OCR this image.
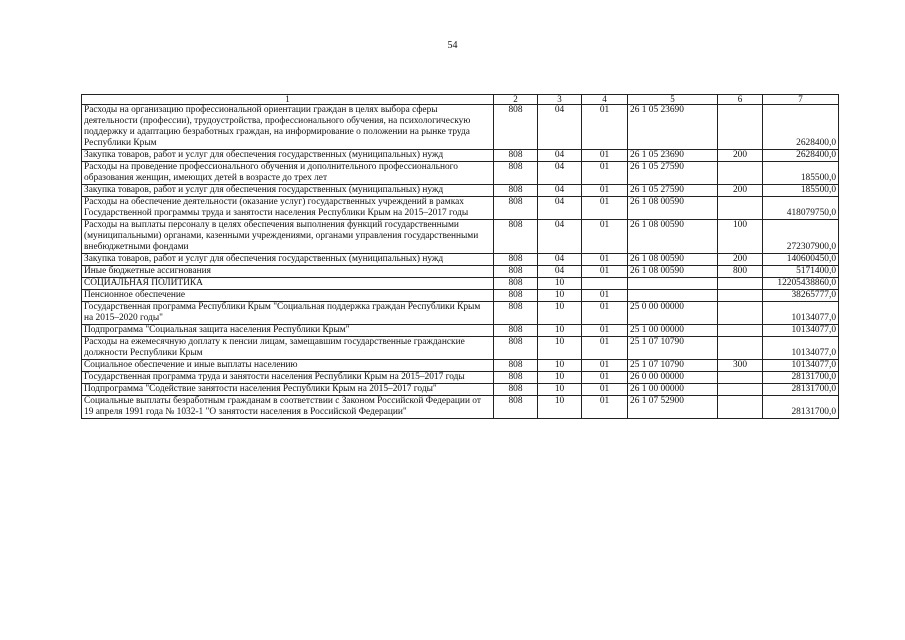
54
1	2	3	4	5	6	7
Расходы на организацию профессиональной ориентации граждан в целях выбора сферы деятельности (профессии), трудоустройства, профессионального обучения, на психологическую поддержку и адаптацию безработных граждан, на информирование о положении на рынке труда Республики Крым	808	04	01	26 1 05 23690		2628400,0
Закупка товаров, работ и услуг для обеспечения государственных (муниципальных) нужд	808	04	01	26 1 05 23690	200	2628400,0
Расходы на проведение профессионального обучения и дополнительного профессионального образования женщин, имеющих детей в возрасте до трех лет	808	04	01	26 1 05 27590		185500,0
Закупка товаров, работ и услуг для обеспечения государственных (муниципальных) нужд	808	04	01	26 1 05 27590	200	185500,0
Расходы на обеспечение деятельности (оказание услуг) государственных учреждений в рамках Государственной программы труда и занятости населения Республики Крым на 2015–2017 годы	808	04	01	26 1 08 00590		418079750,0
Расходы на выплаты персоналу в целях обеспечения выполнения функций государственными (муниципальными) органами, казенными учреждениями, органами управления государственными внебюджетными фондами	808	04	01	26 1 08 00590	100	272307900,0
Закупка товаров, работ и услуг для обеспечения государственных (муниципальных) нужд	808	04	01	26 1 08 00590	200	140600450,0
Иные бюджетные ассигнования	808	04	01	26 1 08 00590	800	5171400,0
СОЦИАЛЬНАЯ ПОЛИТИКА	808	10				12205438860,0
Пенсионное обеспечение	808	10	01			38265777,0
Государственная программа Республики Крым "Социальная поддержка граждан Республики Крым на 2015–2020 годы"	808	10	01	25 0 00 00000		10134077,0
Подпрограмма "Социальная защита населения Республики Крым"	808	10	01	25 1 00 00000		10134077,0
Расходы на ежемесячную доплату к пенсии лицам, замещавшим государственные гражданские должности Республики Крым	808	10	01	25 1 07 10790		10134077,0
Социальное обеспечение и иные выплаты населению	808	10	01	25 1 07 10790	300	10134077,0
Государственная программа труда и занятости населения Республики Крым на 2015–2017 годы	808	10	01	26 0 00 00000		28131700,0
Подпрограмма "Содействие занятости населения Республики Крым на 2015–2017 годы"	808	10	01	26 1 00 00000		28131700,0
Социальные выплаты безработным гражданам в соответствии с Законом Российской Федерации от 19 апреля 1991 года № 1032-1 "О занятости населения в Российской Федерации"	808	10	01	26 1 07 52900		28131700,0
